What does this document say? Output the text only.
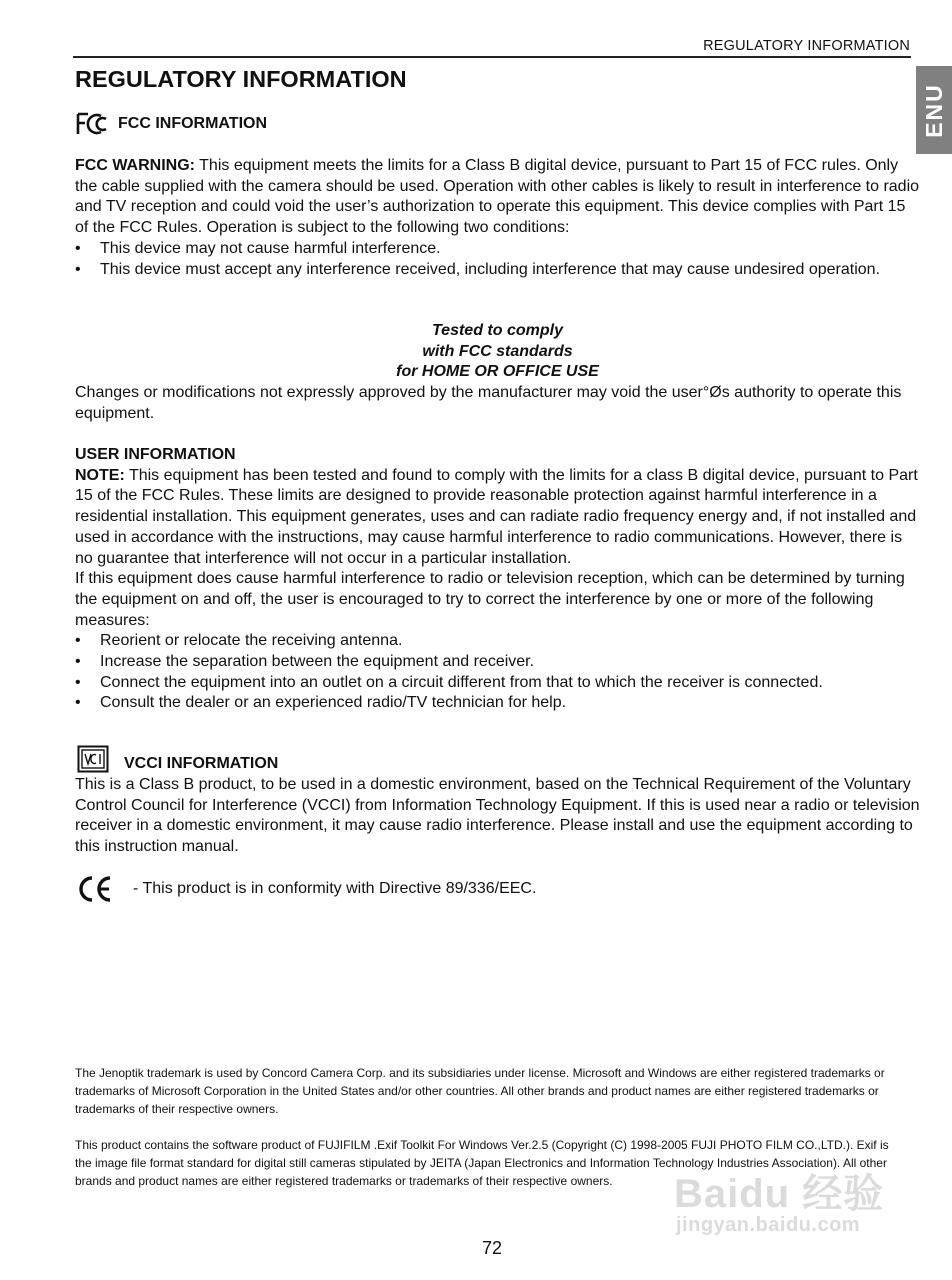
REGULATORY INFORMATION
ENU
REGULATORY INFORMATION
FCC INFORMATION

FCC WARNING: This equipment meets the limits for a Class B digital device, pursuant to Part 15 of FCC rules. Only the cable supplied with the camera should be used. Operation with other cables is likely to result in interference to radio and TV reception and could void the user’s authorization to operate this equipment. This device complies with Part 15 of the FCC Rules. Operation is subject to the following two conditions:

• This device may not cause harmful interference.
• This device must accept any interference received, including interference that may cause undesired operation.
Tested to comply
with FCC standards
for HOME OR OFFICE USE

Changes or modifications not expressly approved by the manufacturer may void the user°Øs authority to operate this equipment.

USER INFORMATION

NOTE: This equipment has been tested and found to comply with the limits for a class B digital device, pursuant to Part 15 of the FCC Rules. These limits are designed to provide reasonable protection against harmful interference in a residential installation. This equipment generates, uses and can radiate radio frequency energy and, if not installed and used in accordance with the instructions, may cause harmful interference to radio communications. However, there is no guarantee that interference will not occur in a particular installation.

If this equipment does cause harmful interference to radio or television reception, which can be determined by turning the equipment on and off, the user is encouraged to try to correct the interference by one or more of the following measures:

• Reorient or relocate the receiving antenna.
• Increase the separation between the equipment and receiver.
• Connect the equipment into an outlet on a circuit different from that to which the receiver is connected.
• Consult the dealer or an experienced radio/TV technician for help.
VCCI INFORMATION

This is a Class B product, to be used in a domestic environment, based on the Technical Requirement of the Voluntary Control Council for Interference (VCCI) from Information Technology Equipment. If this is used near a radio or television receiver in a domestic environment, it may cause radio interference. Please install and use the equipment according to this instruction manual.

- This product is in conformity with Directive 89/336/EEC.

The Jenoptik trademark is used by Concord Camera Corp. and its subsidiaries under license. Microsoft and Windows are either registered trademarks or trademarks of Microsoft Corporation in the United States and/or other countries. All other brands and product names are either registered trademarks or trademarks of their respective owners.

This product contains the software product of FUJIFILM .Exif Toolkit For Windows Ver.2.5 (Copyright (C) 1998-2005 FUJI PHOTO FILM CO.,LTD.). Exif is the image file format standard for digital still cameras stipulated by JEITA (Japan Electronics and Information Technology Industries Association). All other brands and product names are either registered trademarks or trademarks of their respective owners.	Baidu 经验
jingyan.baidu.com
72
